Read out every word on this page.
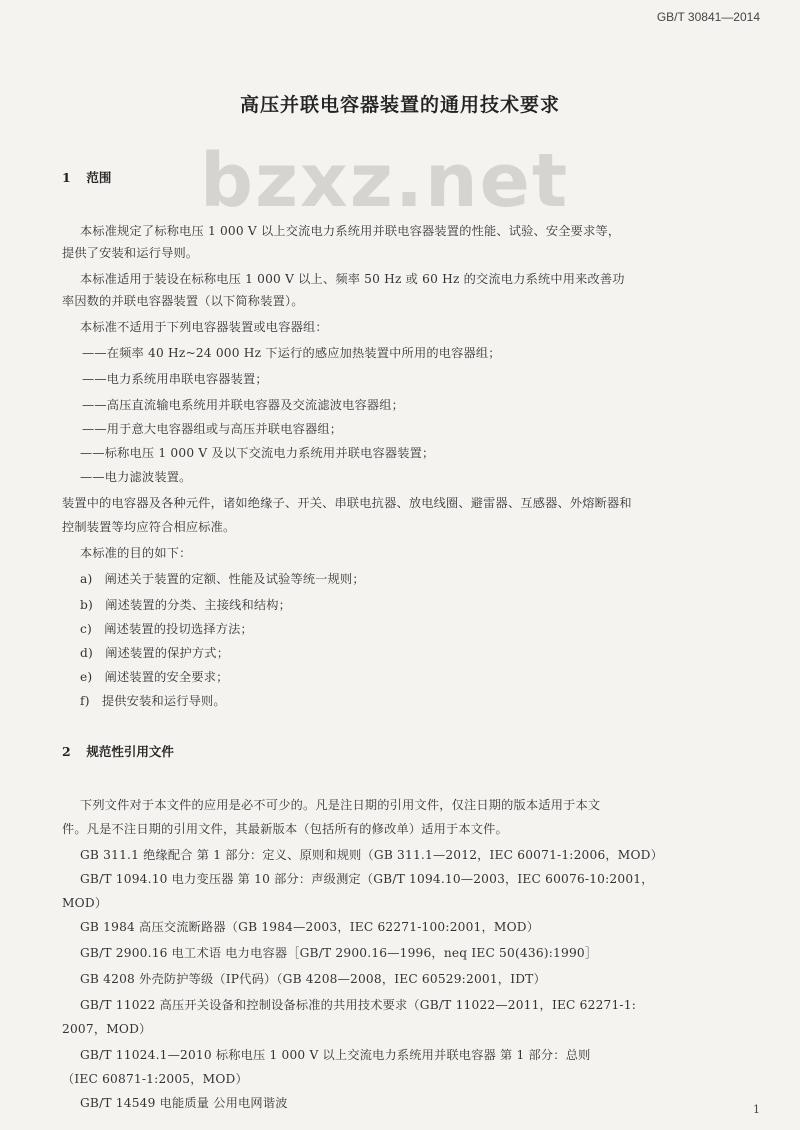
GB/T 30841—2014
高压并联电容器装置的通用技术要求
bzxz.net
1 范围
本标准规定了标称电压 1 000 V 以上交流电力系统用并联电容器装置的性能、试验、安全要求等，
提供了安装和运行导则。
本标准适用于装设在标称电压 1 000 V 以上、频率 50 Hz 或 60 Hz 的交流电力系统中用来改善功
率因数的并联电容器装置（以下简称装置）。
本标准不适用于下列电容器装置或电容器组：
——在频率 40 Hz~24 000 Hz 下运行的感应加热装置中所用的电容器组；
——电力系统用串联电容器装置；
——高压直流输电系统用并联电容器及交流滤波电容器组；
——用于意大电容器组或与高压并联电容器组；
——标称电压 1 000 V 及以下交流电力系统用并联电容器装置；
——电力滤波装置。
装置中的电容器及各种元件，诸如绝缘子、开关、串联电抗器、放电线圈、避雷器、互感器、外熔断器和
控制装置等均应符合相应标准。
本标准的目的如下：
a) 阐述关于装置的定额、性能及试验等统一规则；
b) 阐述装置的分类、主接线和结构；
c) 阐述装置的投切选择方法；
d) 阐述装置的保护方式；
e) 阐述装置的安全要求；
f) 提供安装和运行导则。
2 规范性引用文件
下列文件对于本文件的应用是必不可少的。凡是注日期的引用文件，仅注日期的版本适用于本文
件。凡是不注日期的引用文件，其最新版本（包括所有的修改单）适用于本文件。
GB 311.1 绝缘配合 第 1 部分：定义、原则和规则（GB 311.1—2012，IEC 60071-1:2006，MOD）
GB/T 1094.10 电力变压器 第 10 部分：声级测定（GB/T 1094.10—2003，IEC 60076-10:2001，
MOD）
GB 1984 高压交流断路器（GB 1984—2003，IEC 62271-100:2001，MOD）
GB/T 2900.16 电工术语 电力电容器［GB/T 2900.16—1996，neq IEC 50(436):1990］
GB 4208 外壳防护等级（IP代码）（GB 4208—2008，IEC 60529:2001，IDT）
GB/T 11022 高压开关设备和控制设备标准的共用技术要求（GB/T 11022—2011，IEC 62271-1:
2007，MOD）
GB/T 11024.1—2010 标称电压 1 000 V 以上交流电力系统用并联电容器 第 1 部分：总则
（IEC 60871-1:2005，MOD）
GB/T 14549 电能质量 公用电网谐波	1
